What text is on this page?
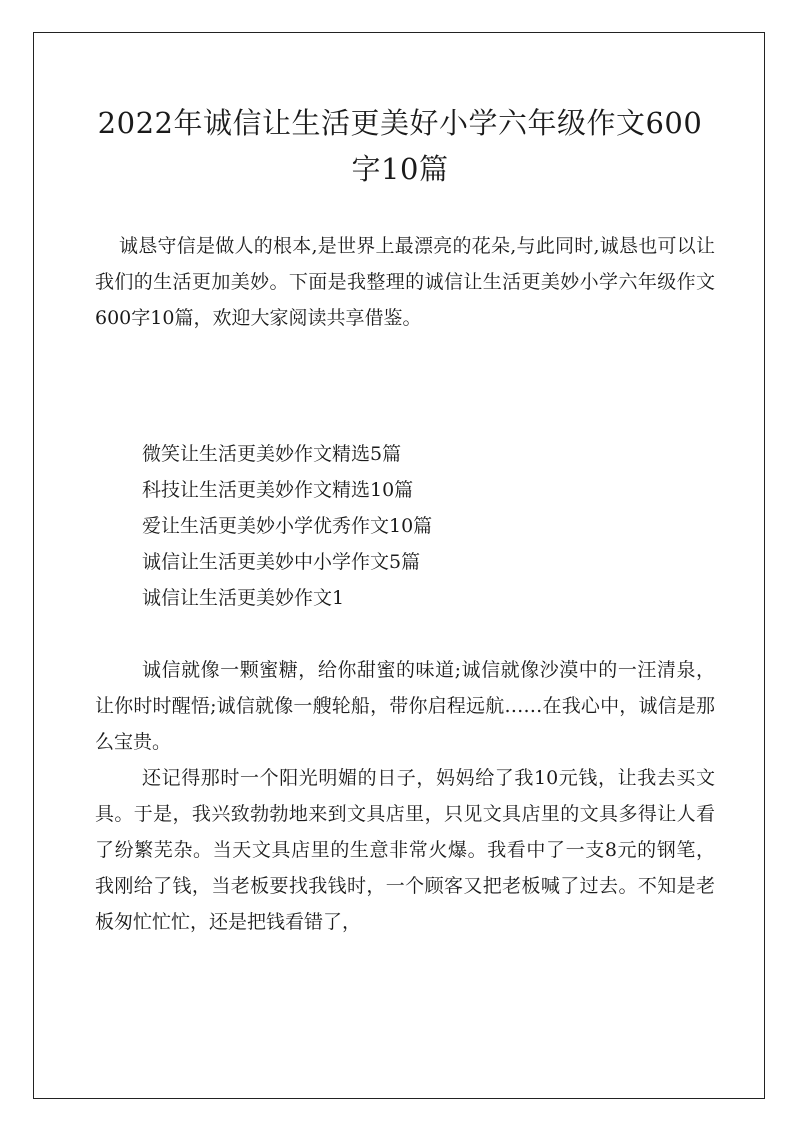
2022年诚信让生活更美好小学六年级作文600
字10篇

诚恳守信是做人的根本,是世界上最漂亮的花朵,与此同时,诚恳也可以让我们的生活更加美妙。下面是我整理的诚信让生活更美妙小学六年级作文600字10篇，欢迎大家阅读共享借鉴。

微笑让生活更美妙作文精选5篇
科技让生活更美妙作文精选10篇
爱让生活更美妙小学优秀作文10篇
诚信让生活更美妙中小学作文5篇
诚信让生活更美妙作文1

诚信就像一颗蜜糖，给你甜蜜的味道;诚信就像沙漠中的一汪清泉，让你时时醒悟;诚信就像一艘轮船，带你启程远航……在我心中，诚信是那么宝贵。

还记得那时一个阳光明媚的日子，妈妈给了我10元钱，让我去买文具。于是，我兴致勃勃地来到文具店里，只见文具店里的文具多得让人看了纷繁芜杂。当天文具店里的生意非常火爆。我看中了一支8元的钢笔，我刚给了钱，当老板要找我钱时，一个顾客又把老板喊了过去。不知是老板匆忙忙忙，还是把钱看错了，
